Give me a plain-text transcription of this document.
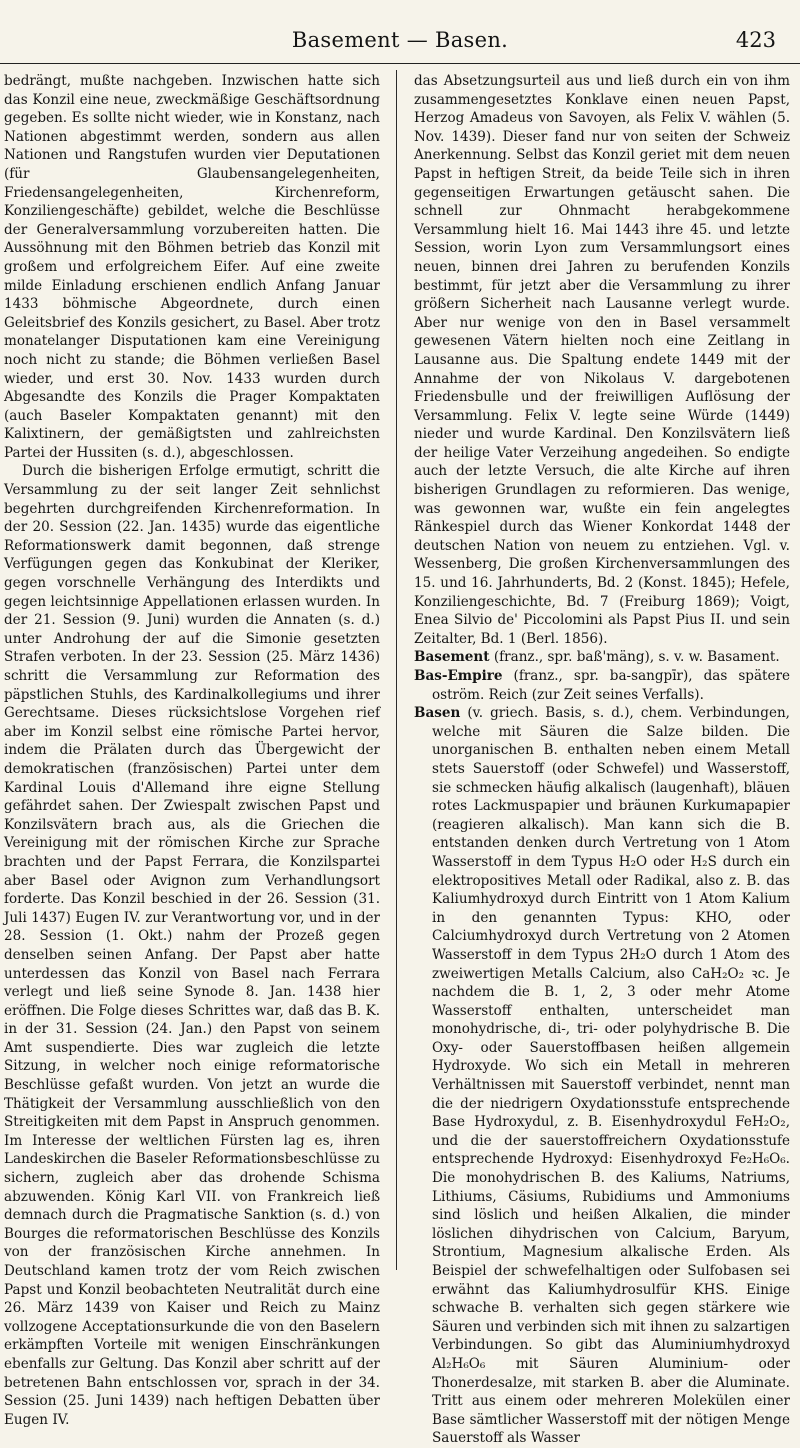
Basement — Basen.	423

bedrängt, mußte nachgeben. Inzwischen hatte sich das Konzil eine neue, zweckmäßige Geschäftsordnung gegeben. Es sollte nicht wieder, wie in Konstanz, nach Nationen abgestimmt werden, sondern aus allen Nationen und Rangstufen wurden vier Deputationen (für Glaubensangelegenheiten, Friedensangelegenheiten, Kirchenreform, Konziliengeschäfte) gebildet, welche die Beschlüsse der Generalversammlung vorzubereiten hatten. Die Aussöhnung mit den Böhmen betrieb das Konzil mit großem und erfolgreichem Eifer. Auf eine zweite milde Einladung erschienen endlich Anfang Januar 1433 böhmische Abgeordnete, durch einen Geleitsbrief des Konzils gesichert, zu Basel. Aber trotz monatelanger Disputationen kam eine Vereinigung noch nicht zu stande; die Böhmen verließen Basel wieder, und erst 30. Nov. 1433 wurden durch Abgesandte des Konzils die Prager Kompaktaten (auch Baseler Kompaktaten genannt) mit den Kalixtinern, der gemäßigtsten und zahlreichsten Partei der Hussiten (s. d.), abgeschlossen.

Durch die bisherigen Erfolge ermutigt, schritt die Versammlung zu der seit langer Zeit sehnlichst begehrten durchgreifenden Kirchenreformation. In der 20. Session (22. Jan. 1435) wurde das eigentliche Reformationswerk damit begonnen, daß strenge Verfügungen gegen das Konkubinat der Kleriker, gegen vorschnelle Verhängung des Interdikts und gegen leichtsinnige Appellationen erlassen wurden. In der 21. Session (9. Juni) wurden die Annaten (s. d.) unter Androhung der auf die Simonie gesetzten Strafen verboten. In der 23. Session (25. März 1436) schritt die Versammlung zur Reformation des päpstlichen Stuhls, des Kardinalkollegiums und ihrer Gerechtsame. Dieses rücksichtslose Vorgehen rief aber im Konzil selbst eine römische Partei hervor, indem die Prälaten durch das Übergewicht der demokratischen (französischen) Partei unter dem Kardinal Louis d'Allemand ihre eigne Stellung gefährdet sahen. Der Zwiespalt zwischen Papst und Konzilsvätern brach aus, als die Griechen die Vereinigung mit der römischen Kirche zur Sprache brachten und der Papst Ferrara, die Konzilspartei aber Basel oder Avignon zum Verhandlungsort forderte. Das Konzil beschied in der 26. Session (31. Juli 1437) Eugen IV. zur Verantwortung vor, und in der 28. Session (1. Okt.) nahm der Prozeß gegen denselben seinen Anfang. Der Papst aber hatte unterdessen das Konzil von Basel nach Ferrara verlegt und ließ seine Synode 8. Jan. 1438 hier eröffnen. Die Folge dieses Schrittes war, daß das B. K. in der 31. Session (24. Jan.) den Papst von seinem Amt suspendierte. Dies war zugleich die letzte Sitzung, in welcher noch einige reformatorische Beschlüsse gefaßt wurden. Von jetzt an wurde die Thätigkeit der Versammlung ausschließlich von den Streitigkeiten mit dem Papst in Anspruch genommen. Im Interesse der weltlichen Fürsten lag es, ihren Landeskirchen die Baseler Reformationsbeschlüsse zu sichern, zugleich aber das drohende Schisma abzuwenden. König Karl VII. von Frankreich ließ demnach durch die Pragmatische Sanktion (s. d.) von Bourges die reformatorischen Beschlüsse des Konzils von der französischen Kirche annehmen. In Deutschland kamen trotz der vom Reich zwischen Papst und Konzil beobachteten Neutralität durch eine 26. März 1439 von Kaiser und Reich zu Mainz vollzogene Acceptationsurkunde die von den Baselern erkämpften Vorteile mit wenigen Einschränkungen ebenfalls zur Geltung. Das Konzil aber schritt auf der betretenen Bahn entschlossen vor, sprach in der 34. Session (25. Juni 1439) nach heftigen Debatten über Eugen IV.

das Absetzungsurteil aus und ließ durch ein von ihm zusammengesetztes Konklave einen neuen Papst, Herzog Amadeus von Savoyen, als Felix V. wählen (5. Nov. 1439). Dieser fand nur von seiten der Schweiz Anerkennung. Selbst das Konzil geriet mit dem neuen Papst in heftigen Streit, da beide Teile sich in ihren gegenseitigen Erwartungen getäuscht sahen. Die schnell zur Ohnmacht herabgekommene Versammlung hielt 16. Mai 1443 ihre 45. und letzte Session, worin Lyon zum Versammlungsort eines neuen, binnen drei Jahren zu berufenden Konzils bestimmt, für jetzt aber die Versammlung zu ihrer größern Sicherheit nach Lausanne verlegt wurde. Aber nur wenige von den in Basel versammelt gewesenen Vätern hielten noch eine Zeitlang in Lausanne aus. Die Spaltung endete 1449 mit der Annahme der von Nikolaus V. dargebotenen Friedensbulle und der freiwilligen Auflösung der Versammlung. Felix V. legte seine Würde (1449) nieder und wurde Kardinal. Den Konzilsvätern ließ der heilige Vater Verzeihung angedeihen. So endigte auch der letzte Versuch, die alte Kirche auf ihren bisherigen Grundlagen zu reformieren. Das wenige, was gewonnen war, wußte ein fein angelegtes Ränkespiel durch das Wiener Konkordat 1448 der deutschen Nation von neuem zu entziehen. Vgl. v. Wessenberg, Die großen Kirchenversammlungen des 15. und 16. Jahrhunderts, Bd. 2 (Konst. 1845); Hefele, Konziliengeschichte, Bd. 7 (Freiburg 1869); Voigt, Enea Silvio de' Piccolomini als Papst Pius II. und sein Zeitalter, Bd. 1 (Berl. 1856).

Basement (franz., spr. baß'mäng), s. v. w. Basament.

Bas-Empire (franz., spr. ba-sangpīr), das spätere oström. Reich (zur Zeit seines Verfalls).

Basen (v. griech. Basis, s. d.), chem. Verbindungen, welche mit Säuren die Salze bilden. Die unorganischen B. enthalten neben einem Metall stets Sauerstoff (oder Schwefel) und Wasserstoff, sie schmecken häufig alkalisch (laugenhaft), bläuen rotes Lackmuspapier und bräunen Kurkumapapier (reagieren alkalisch). Man kann sich die B. entstanden denken durch Vertretung von 1 Atom Wasserstoff in dem Typus H₂O oder H₂S durch ein elektropositives Metall oder Radikal, also z. B. das Kaliumhydroxyd durch Eintritt von 1 Atom Kalium in den genannten Typus: KHO, oder Calciumhydroxyd durch Vertretung von 2 Atomen Wasserstoff in dem Typus 2H₂O durch 1 Atom des zweiwertigen Metalls Calcium, also CaH₂O₂ ꝛc. Je nachdem die B. 1, 2, 3 oder mehr Atome Wasserstoff enthalten, unterscheidet man monohydrische, di-, tri- oder polyhydrische B. Die Oxy- oder Sauerstoffbasen heißen allgemein Hydroxyde. Wo sich ein Metall in mehreren Verhältnissen mit Sauerstoff verbindet, nennt man die der niedrigern Oxydationsstufe entsprechende Base Hydroxydul, z. B. Eisenhydroxydul FeH₂O₂, und die der sauerstoffreichern Oxydationsstufe entsprechende Hydroxyd: Eisenhydroxyd Fe₂H₆O₆. Die monohydrischen B. des Kaliums, Natriums, Lithiums, Cäsiums, Rubidiums und Ammoniums sind löslich und heißen Alkalien, die minder löslichen dihydrischen von Calcium, Baryum, Strontium, Magnesium alkalische Erden. Als Beispiel der schwefelhaltigen oder Sulfobasen sei erwähnt das Kaliumhydrosulfür KHS. Einige schwache B. verhalten sich gegen stärkere wie Säuren und verbinden sich mit ihnen zu salzartigen Verbindungen. So gibt das Aluminiumhydroxyd Al₂H₆O₆ mit Säuren Aluminium- oder Thonerdesalze, mit starken B. aber die Aluminate. Tritt aus einem oder mehreren Molekülen einer Base sämtlicher Wasserstoff mit der nötigen Menge Sauerstoff als Wasser
